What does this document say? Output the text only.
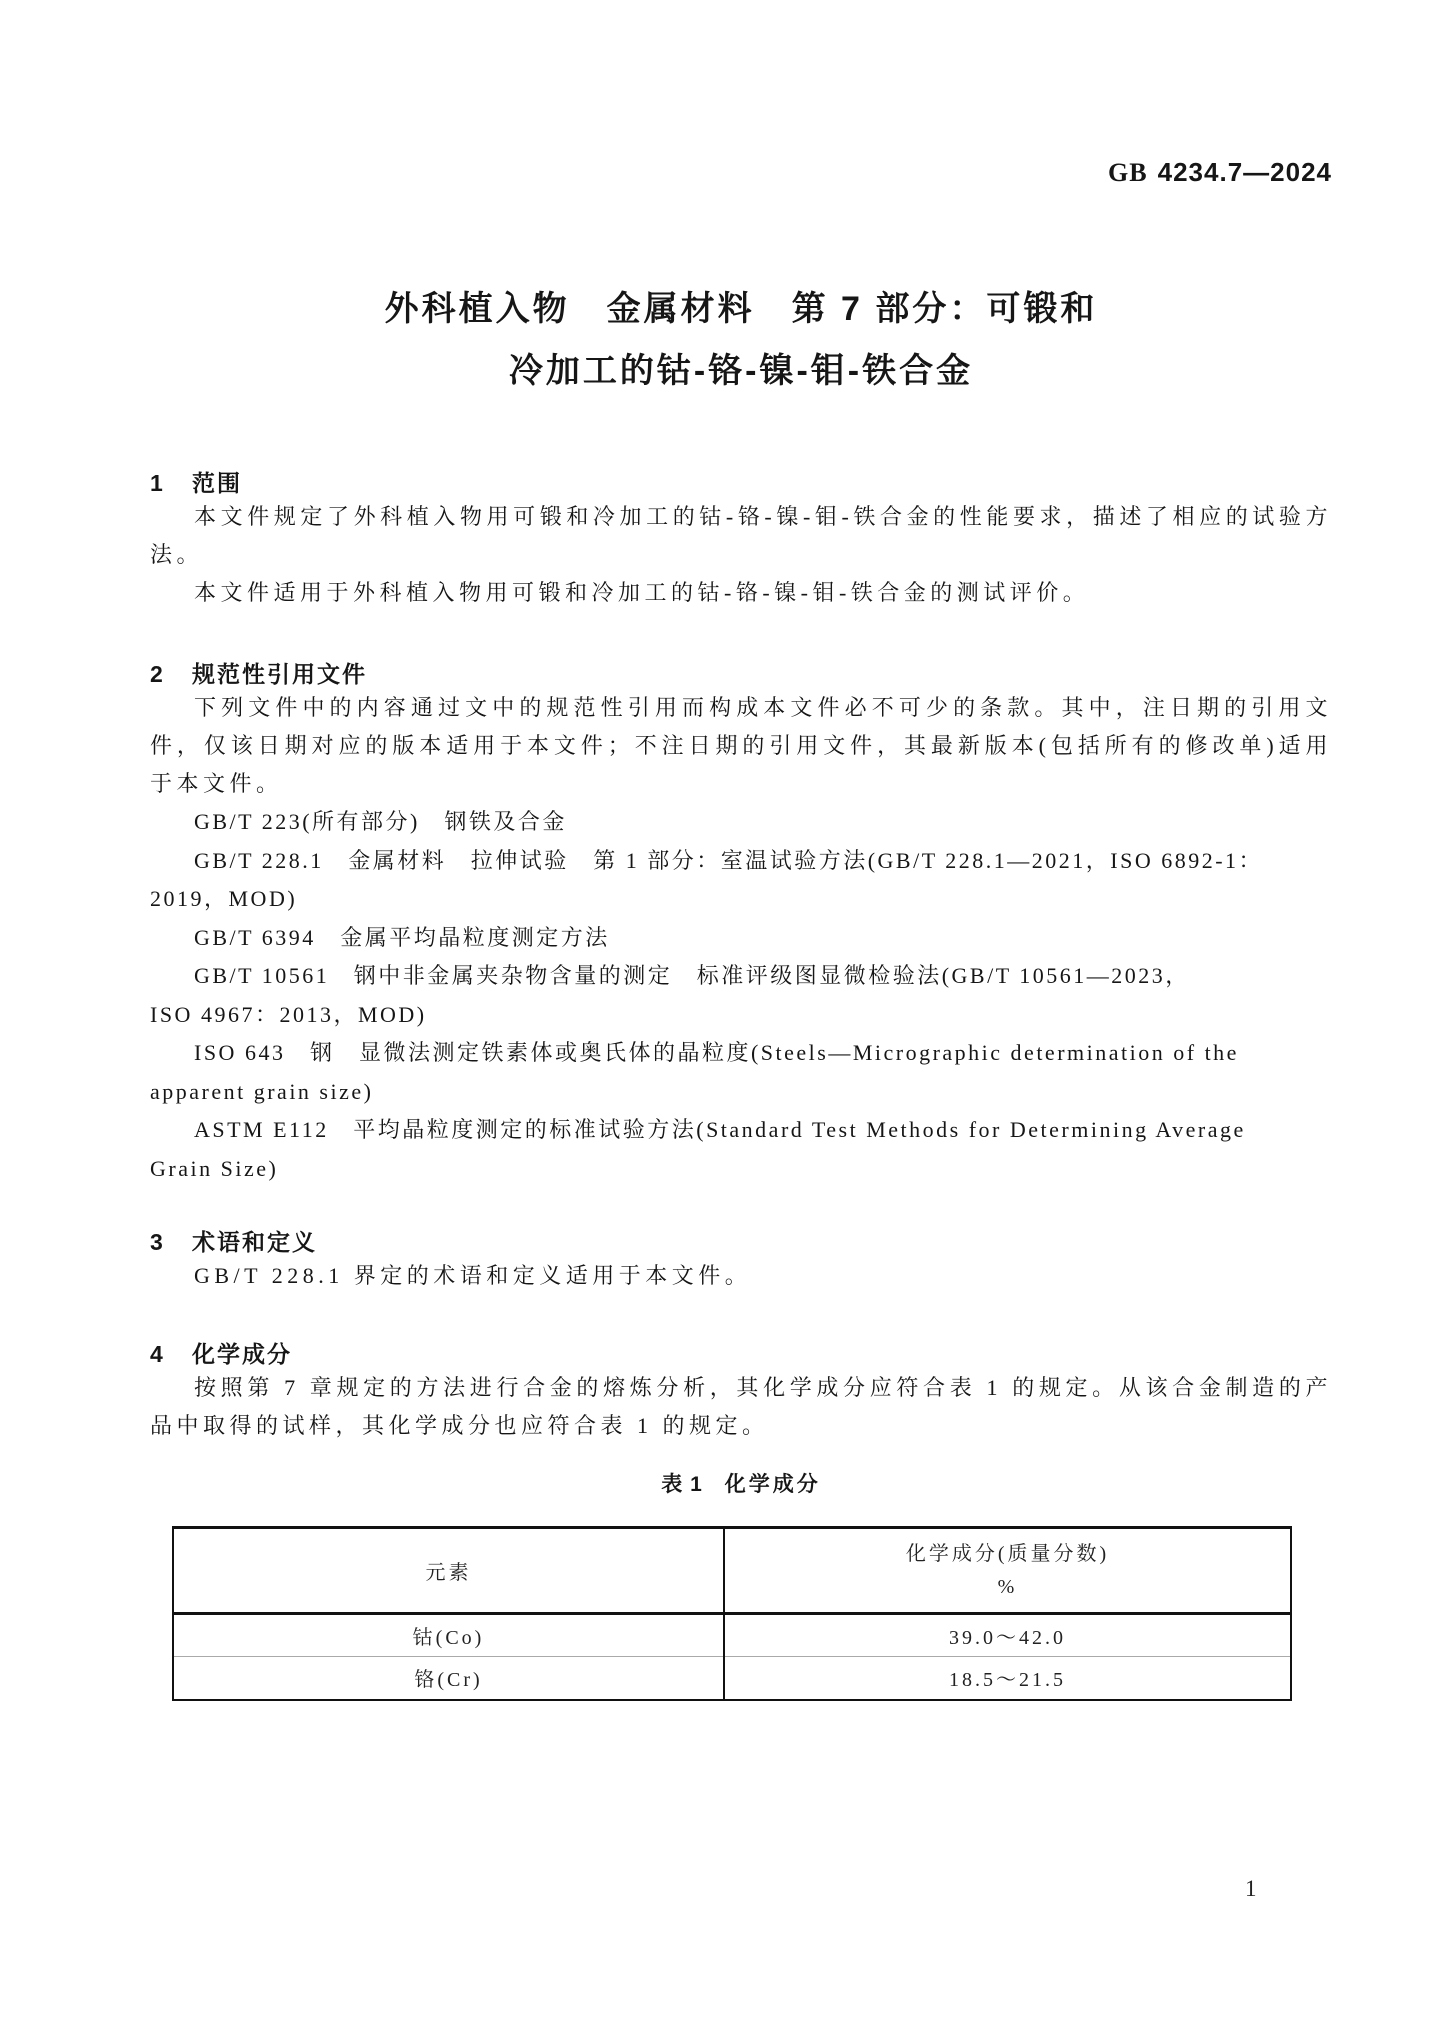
GB 4234.7—2024
外科植入物　金属材料　第 7 部分：可锻和
冷加工的钴-铬-镍-钼-铁合金
1 范围

本文件规定了外科植入物用可锻和冷加工的钴-铬-镍-钼-铁合金的性能要求，描述了相应的试验方法。

本文件适用于外科植入物用可锻和冷加工的钴-铬-镍-钼-铁合金的测试评价。

2 规范性引用文件

下列文件中的内容通过文中的规范性引用而构成本文件必不可少的条款。其中，注日期的引用文件，仅该日期对应的版本适用于本文件；不注日期的引用文件，其最新版本(包括所有的修改单)适用于本文件。

GB/T 223(所有部分)　钢铁及合金
GB/T 228.1　金属材料　拉伸试验　第 1 部分：室温试验方法(GB/T 228.1—2021，ISO 6892-1：
2019，MOD)
GB/T 6394　金属平均晶粒度测定方法
GB/T 10561　钢中非金属夹杂物含量的测定　标准评级图显微检验法(GB/T 10561—2023，
ISO 4967：2013，MOD)
ISO 643　钢　显微法测定铁素体或奥氏体的晶粒度(Steels—Micrographic determination of the
apparent grain size)
ASTM E112　平均晶粒度测定的标准试验方法(Standard Test Methods for Determining Average
Grain Size)
3 术语和定义

GB/T 228.1 界定的术语和定义适用于本文件。

4 化学成分

按照第 7 章规定的方法进行合金的熔炼分析，其化学成分应符合表 1 的规定。从该合金制造的产品中取得的试样，其化学成分也应符合表 1 的规定。

表 1 化学成分
元素	化学成分(质量分数)
%

钴(Co)	39.0～42.0
铬(Cr)	18.5～21.5
1
